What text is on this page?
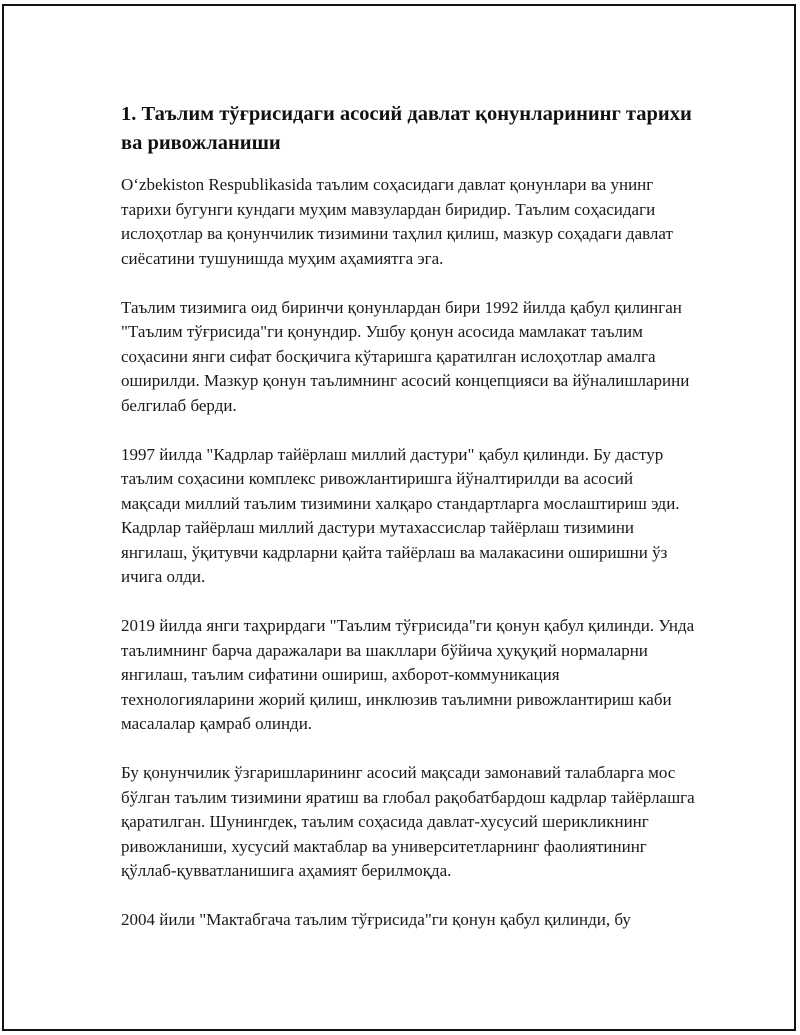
1. Таълим тўғрисидаги асосий давлат қонунларининг тарихи ва ривожланиши

O‘zbekiston Respublikasida таълим соҳасидаги давлат қонунлари ва унинг тарихи бугунги кундаги муҳим мавзулардан биридир. Таълим соҳасидаги ислоҳотлар ва қонунчилик тизимини таҳлил қилиш, мазкур соҳадаги давлат сиёсатини тушунишда муҳим аҳамиятга эга.

Таълим тизимига оид биринчи қонунлардан бири 1992 йилда қабул қилинган "Таълим тўғрисида"ги қонундир. Ушбу қонун асосида мамлакат таълим соҳасини янги сифат босқичига кўтаришга қаратилган ислоҳотлар амалга оширилди. Мазкур қонун таълимнинг асосий концепцияси ва йўналишларини белгилаб берди.

1997 йилда "Кадрлар тайёрлаш миллий дастури" қабул қилинди. Бу дастур таълим соҳасини комплекс ривожлантиришга йўналтирилди ва асосий мақсади миллий таълим тизимини халқаро стандартларга мослаштириш эди. Кадрлар тайёрлаш миллий дастури мутахассислар тайёрлаш тизимини янгилаш, ўқитувчи кадрларни қайта тайёрлаш ва малакасини оширишни ўз ичига олди.

2019 йилда янги таҳрирдаги "Таълим тўғрисида"ги қонун қабул қилинди. Унда таълимнинг барча даражалари ва шакллари бўйича ҳуқуқий нормаларни янгилаш, таълим сифатини ошириш, ахборот-коммуникация технологияларини жорий қилиш, инклюзив таълимни ривожлантириш каби масалалар қамраб олинди.

Бу қонунчилик ўзгаришларининг асосий мақсади замонавий талабларга мос бўлган таълим тизимини яратиш ва глобал рақобатбардош кадрлар тайёрлашга қаратилган. Шунингдек, таълим соҳасида давлат-хусусий шерикликнинг ривожланиши, хусусий мактаблар ва университетларнинг фаолиятининг қўллаб-қувватланишига аҳамият берилмоқда.

2004 йили "Мактабгача таълим тўғрисида"ги қонун қабул қилинди, бу
